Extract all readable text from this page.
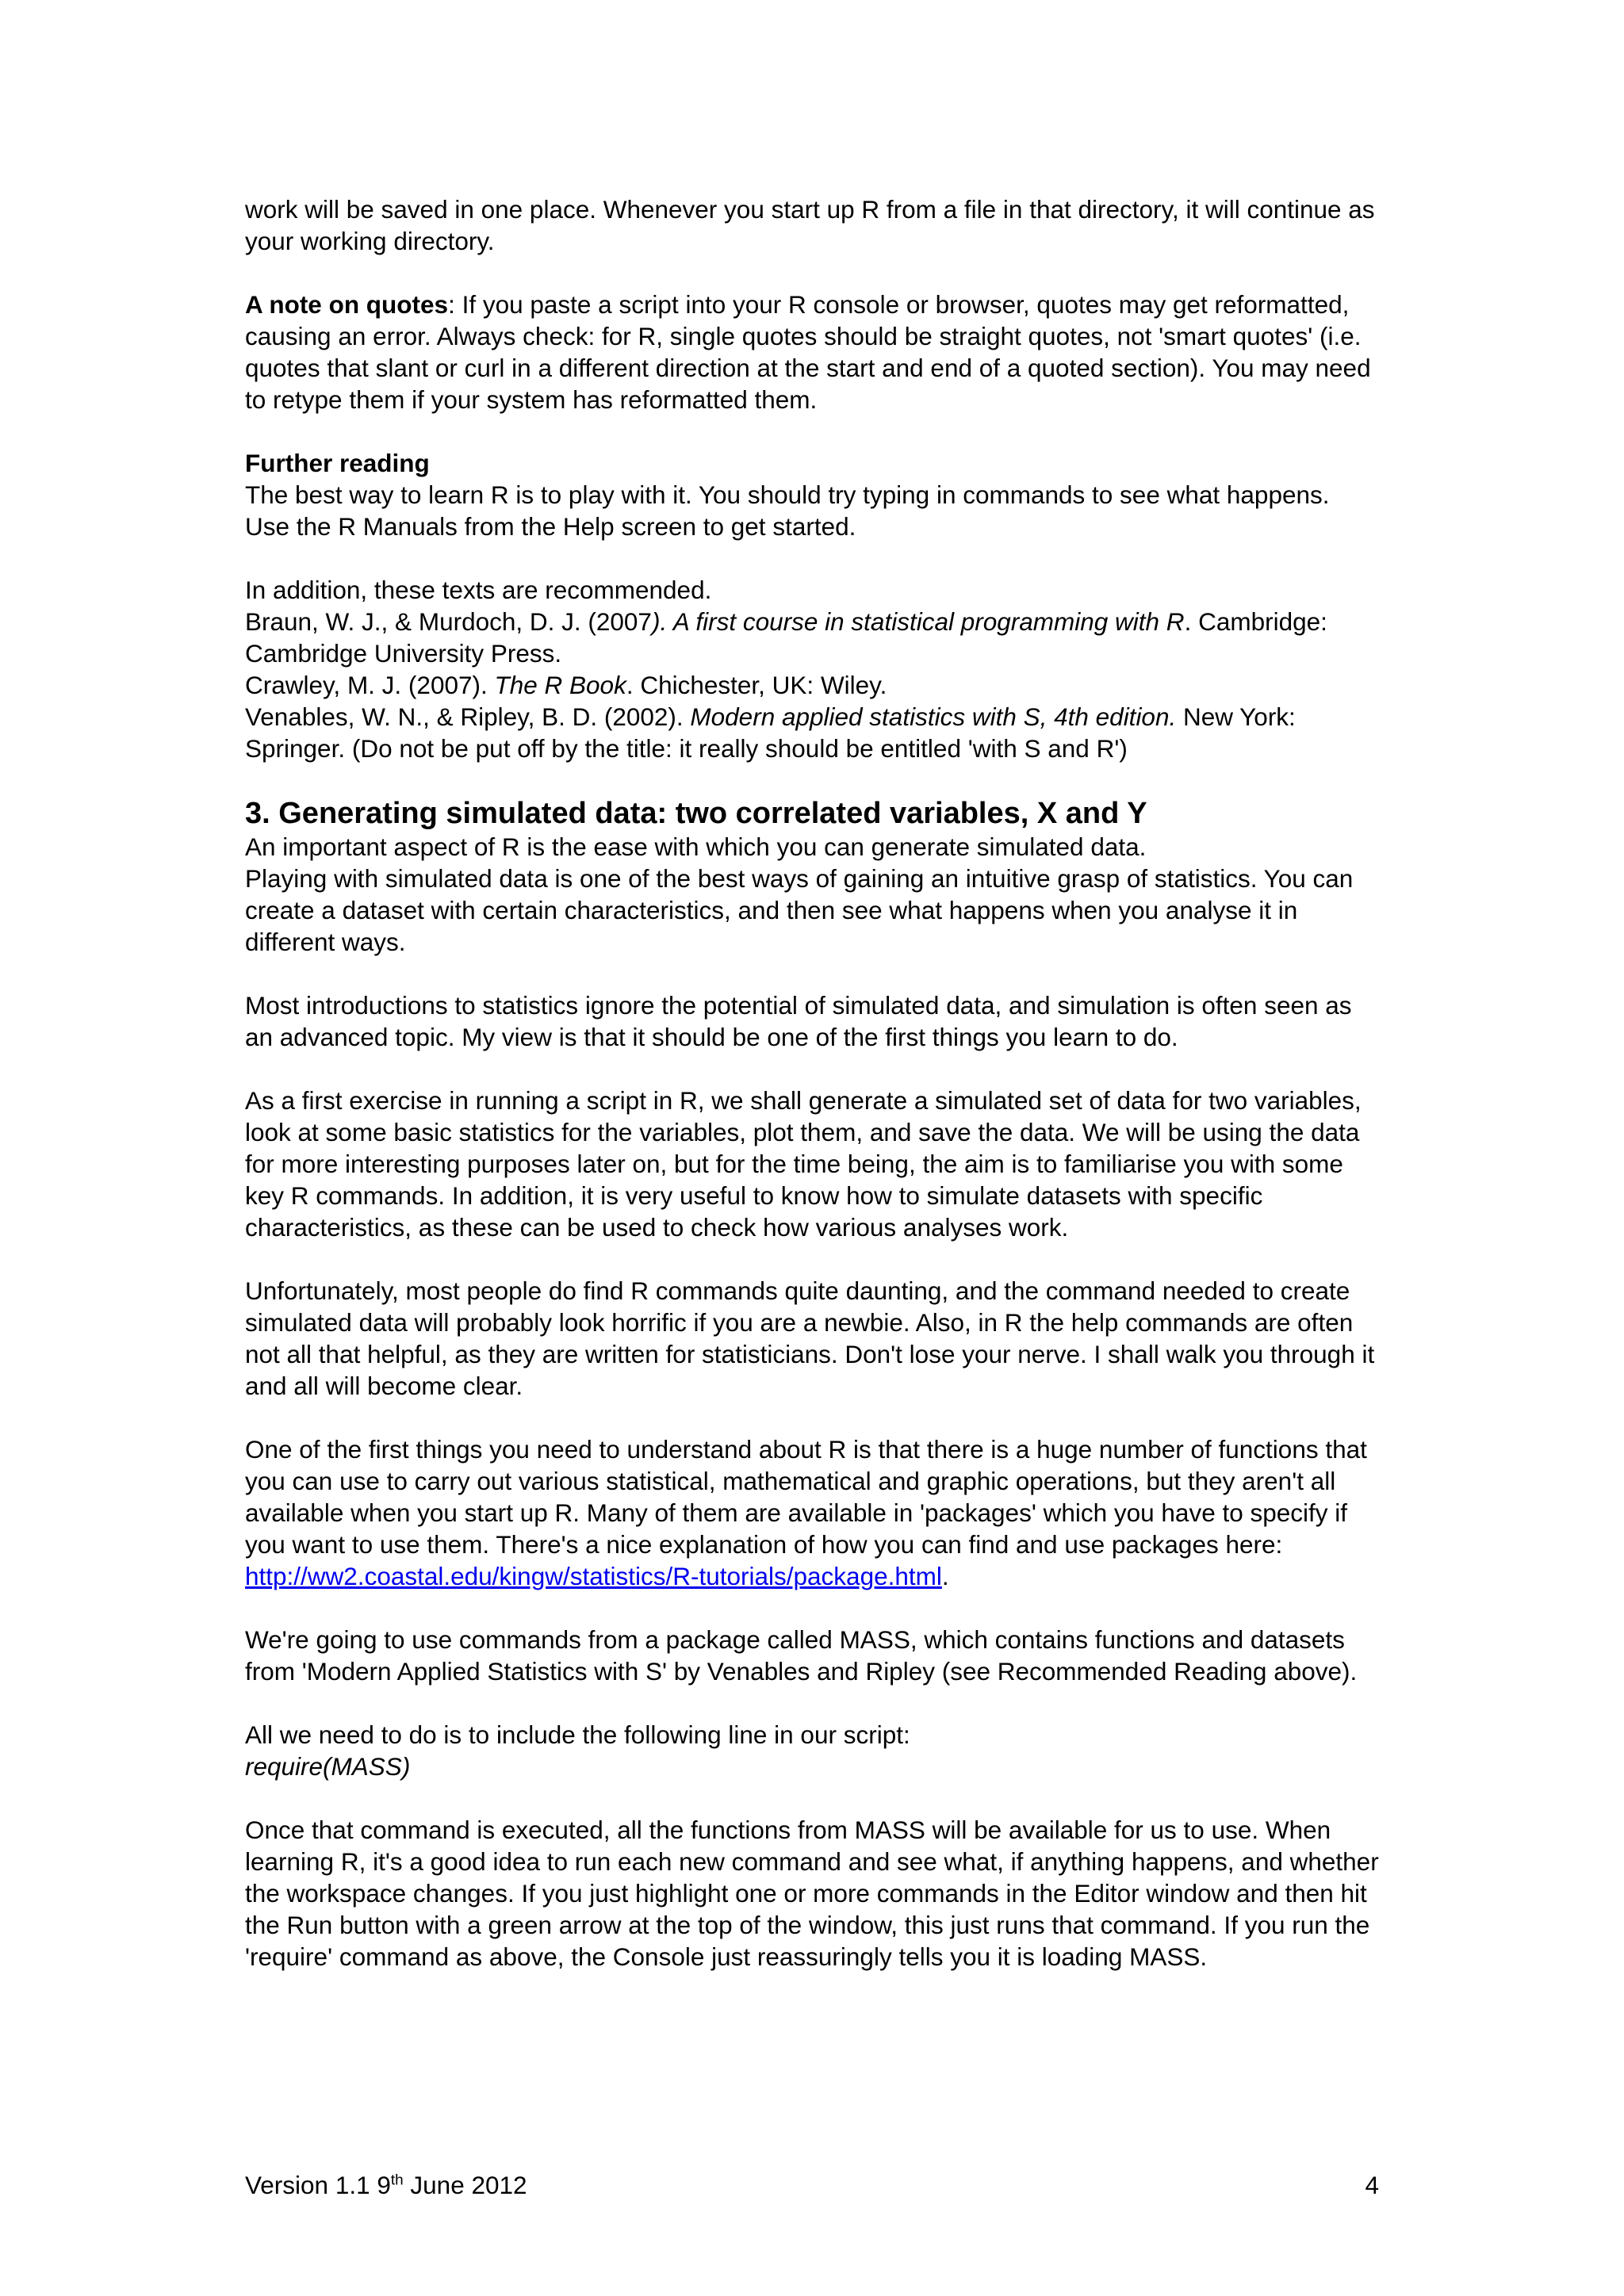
work will be saved in one place. Whenever you start up R from a file in that directory, it will continue as your working directory.

A note on quotes: If you paste a script into your R console or browser, quotes may get reformatted, causing an error. Always check: for R, single quotes should be straight quotes, not 'smart quotes' (i.e. quotes that slant or curl in a different direction at the start and end of a quoted section). You may need to retype them if your system has reformatted them.

Further reading
The best way to learn R is to play with it. You should try typing in commands to see what happens. Use the R Manuals from the Help screen to get started.

In addition, these texts are recommended.
Braun, W. J., & Murdoch, D. J. (2007). A first course in statistical programming with R. Cambridge: Cambridge University Press.
Crawley, M. J. (2007). The R Book. Chichester, UK: Wiley.
Venables, W. N., & Ripley, B. D. (2002). Modern applied statistics with S, 4th edition. New York: Springer. (Do not be put off by the title: it really should be entitled 'with S and R')

3. Generating simulated data: two correlated variables, X and Y

An important aspect of R is the ease with which you can generate simulated data.
Playing with simulated data is one of the best ways of gaining an intuitive grasp of statistics. You can create a dataset with certain characteristics, and then see what happens when you analyse it in different ways.

Most introductions to statistics ignore the potential of simulated data, and simulation is often seen as an advanced topic. My view is that it should be one of the first things you learn to do.

As a first exercise in running a script in R, we shall generate a simulated set of data for two variables, look at some basic statistics for the variables, plot them, and save the data. We will be using the data for more interesting purposes later on, but for the time being, the aim is to familiarise you with some key R commands. In addition, it is very useful to know how to simulate datasets with specific characteristics, as these can be used to check how various analyses work.

Unfortunately, most people do find R commands quite daunting, and the command needed to create simulated data will probably look horrific if you are a newbie. Also, in R the help commands are often not all that helpful, as they are written for statisticians. Don't lose your nerve. I shall walk you through it and all will become clear.

One of the first things you need to understand about R is that there is a huge number of functions that you can use to carry out various statistical, mathematical and graphic operations, but they aren't all available when you start up R. Many of them are available in 'packages' which you have to specify if you want to use them. There's a nice explanation of how you can find and use packages here: http://ww2.coastal.edu/kingw/statistics/R-tutorials/package.html.

We're going to use commands from a package called MASS, which contains functions and datasets from 'Modern Applied Statistics with S' by Venables and Ripley (see Recommended Reading above).

All we need to do is to include the following line in our script:
require(MASS)

Once that command is executed, all the functions from MASS will be available for us to use. When learning R, it's a good idea to run each new command and see what, if anything happens, and whether the workspace changes. If you just highlight one or more commands in the Editor window and then hit the Run button with a green arrow at the top of the window, this just runs that command. If you run the 'require' command as above, the Console just reassuringly tells you it is loading MASS.

Version 1.1 9th June 2012	4
